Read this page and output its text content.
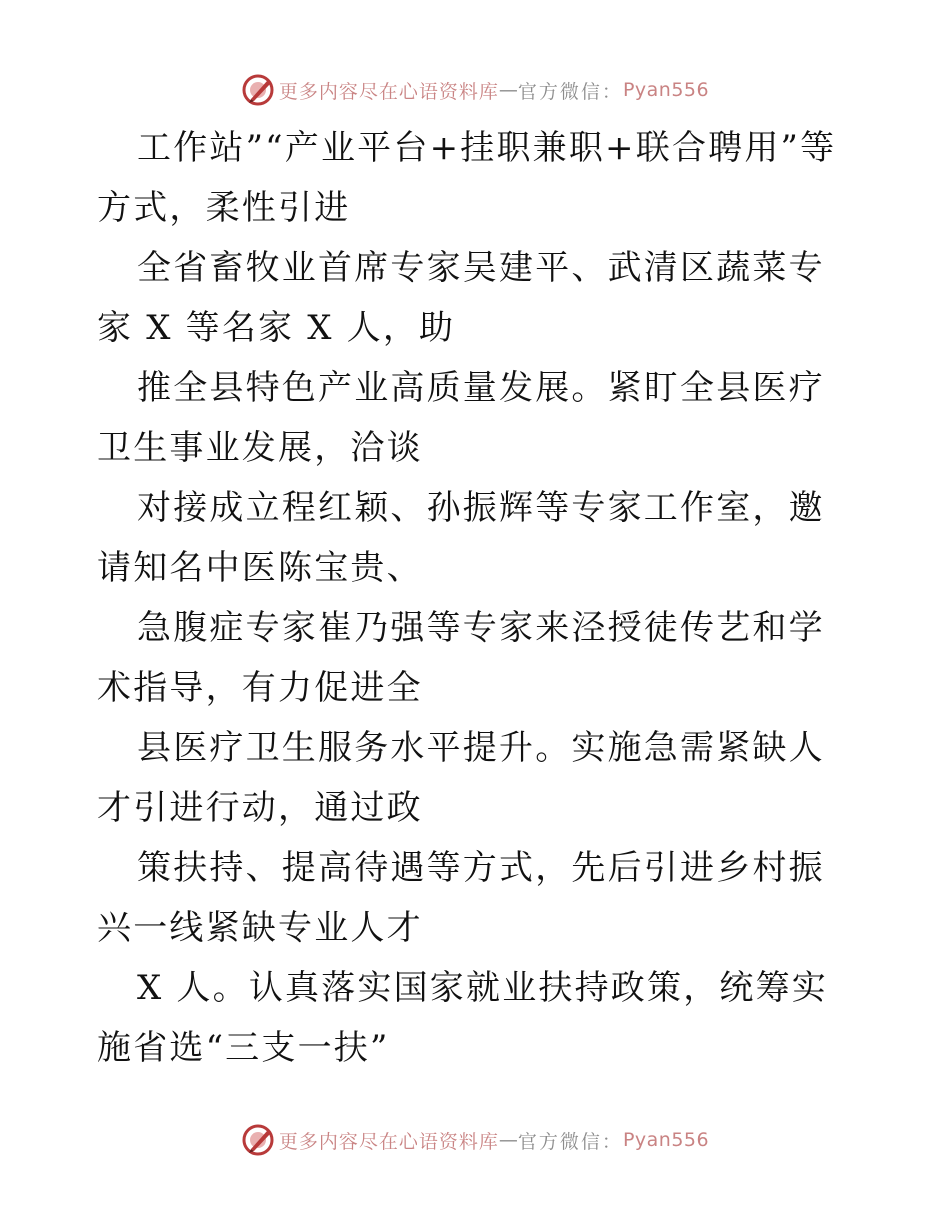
更多内容尽在心语资料库 — 官方微信： Pyan556

工作站”“产业平台+挂职兼职+联合聘用”等方式，柔性引进

全省畜牧业首席专家吴建平、武清区蔬菜专家 X 等名家 X 人，助

推全县特色产业高质量发展。紧盯全县医疗卫生事业发展，洽谈

对接成立程红颖、孙振辉等专家工作室，邀请知名中医陈宝贵、

急腹症专家崔乃强等专家来泾授徒传艺和学术指导，有力促进全

县医疗卫生服务水平提升。实施急需紧缺人才引进行动，通过政

策扶持、提高待遇等方式，先后引进乡村振兴一线紧缺专业人才

X 人。认真落实国家就业扶持政策，统筹实施省选“三支一扶”

更多内容尽在心语资料库 — 官方微信： Pyan556
